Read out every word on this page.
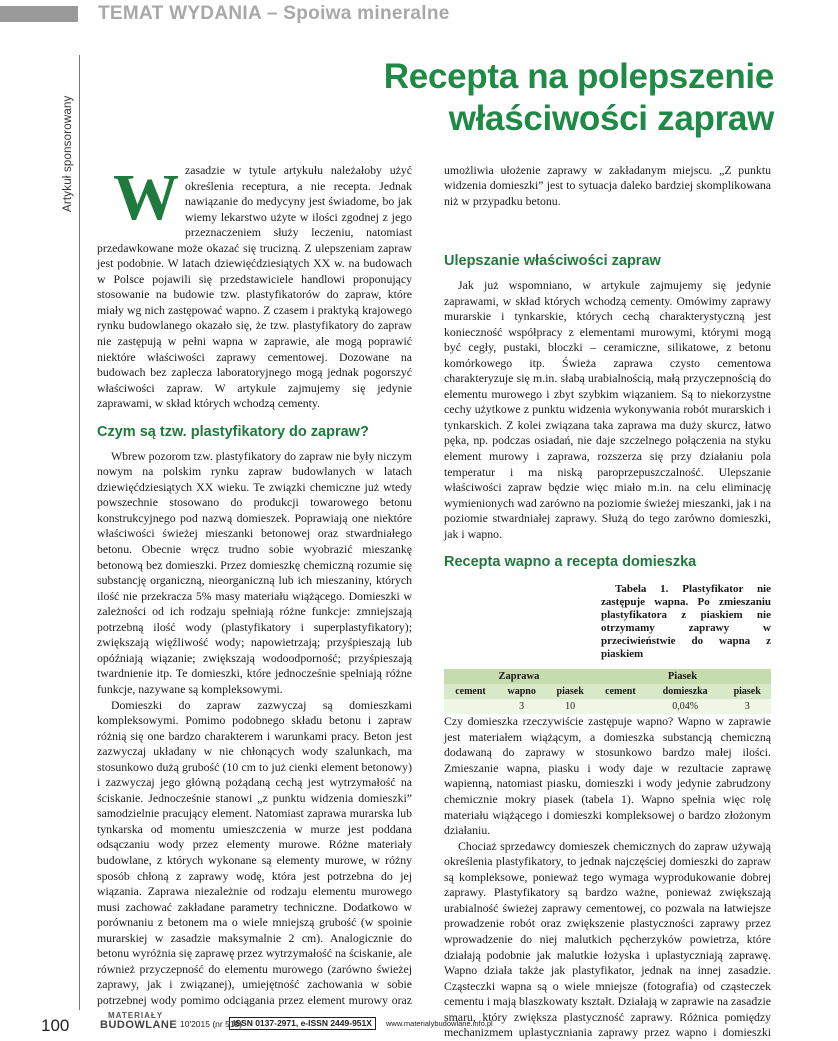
TEMAT WYDANIA – Spoiwa mineralne
Artykuł sponsorowany
Recepta na polepszenie
właściwości zapraw

Wzasadzie w tytule artykułu należałoby użyć określenia receptura, a nie recepta. Jednak nawiązanie do medycyny jest świadome, bo jak wiemy lekarstwo użyte w ilości zgodnej z jego przeznaczeniem służy leczeniu, natomiast przedawkowane może okazać się trucizną. Z ulepszeniam zapraw jest podobnie. W latach dziewięćdziesiątych XX w. na budowach w Polsce pojawili się przedstawiciele handlowi proponujący stosowanie na budowie tzw. plastyfikatorów do zapraw, które miały wg nich zastępować wapno. Z czasem i praktyką krajowego rynku budowlanego okazało się, że tzw. plastyfikatory do zapraw nie zastępują w pełni wapna w zaprawie, ale mogą poprawić niektóre właściwości zaprawy cementowej. Dozowane na budowach bez zaplecza laboratoryjnego mogą jednak pogorszyć właściwości zapraw. W artykule zajmujemy się jedynie zaprawami, w skład których wchodzą cementy.

Czym są tzw. plastyfikatory do zapraw?

Wbrew pozorom tzw. plastyfikatory do zapraw nie były niczym nowym na polskim rynku zapraw budowlanych w latach dziewięćdziesiątych XX wieku. Te związki chemiczne już wtedy powszechnie stosowano do produkcji towarowego betonu konstrukcyjnego pod nazwą domieszek. Poprawiają one niektóre właściwości świeżej mieszanki betonowej oraz stwardniałego betonu. Obecnie wręcz trudno sobie wyobrazić mieszankę betonową bez domieszki. Przez domieszkę chemiczną rozumie się substancję organiczną, nieorganiczną lub ich mieszaniny, których ilość nie przekracza 5% masy materiału wiążącego. Domieszki w zależności od ich rodzaju spełniają różne funkcje: zmniejszają potrzebną ilość wody (plastyfikatory i superplastyfikatory); zwiększają więźliwość wody; napowietrzają; przyśpieszają lub opóźniają wiązanie; zwiększają wodoodporność; przyśpieszają twardnienie itp. Te domieszki, które jednocześnie spełniają różne funkcje, nazywane są kompleksowymi.

Domieszki do zapraw zazwyczaj są domieszkami kompleksowymi. Pomimo podobnego składu betonu i zapraw różnią się one bardzo charakterem i warunkami pracy. Beton jest zazwyczaj układany w nie chłonących wody szalunkach, ma stosunkowo dużą grubość (10 cm to już cienki element betonowy) i zazwyczaj jego główną pożądaną cechą jest wytrzymałość na ściskanie. Jednocześnie stanowi „z punktu widzenia domieszki” samodzielnie pracujący element. Natomiast zaprawa murarska lub tynkarska od momentu umieszczenia w murze jest poddana odsączaniu wody przez elementy murowe. Różne materiały budowlane, z których wykonane są elementy murowe, w różny sposób chłoną z zaprawy wodę, która jest potrzebna do jej wiązania. Zaprawa niezależnie od rodzaju elementu murowego musi zachować zakładane parametry techniczne. Dodatkowo w porównaniu z betonem ma o wiele mniejszą grubość (w spoinie murarskiej w zasadzie maksymalnie 2 cm). Analogicznie do betonu wyróżnia się zaprawę przez wytrzymałość na ściskanie, ale również przyczepność do elementu murowego (zarówno świeżej zaprawy, jak i związanej), umiejętność zachowania w sobie potrzebnej wody pomimo odciągania przez element murowy oraz

umożliwia ułożenie zaprawy w zakładanym miejscu. „Z punktu widzenia domieszki” jest to sytuacja daleko bardziej skomplikowana niż w przypadku betonu.

Ulepszanie właściwości zapraw

Jak już wspomniano, w artykule zajmujemy się jedynie zaprawami, w skład których wchodzą cementy. Omówimy zaprawy murarskie i tynkarskie, których cechą charakterystyczną jest konieczność współpracy z elementami murowymi, którymi mogą być cegły, pustaki, bloczki – ceramiczne, silikatowe, z betonu komórkowego itp. Świeża zaprawa czysto cementowa charakteryzuje się m.in. słabą urabialnością, małą przyczepnością do elementu murowego i zbyt szybkim wiązaniem. Są to niekorzystne cechy użytkowe z punktu widzenia wykonywania robót murarskich i tynkarskich. Z kolei związana taka zaprawa ma duży skurcz, łatwo pęka, np. podczas osiadań, nie daje szczelnego połączenia na styku element murowy i zaprawa, rozszerza się przy działaniu pola temperatur i ma niską paroprzepuszczalność. Ulepszanie właściwości zapraw będzie więc miało m.in. na celu eliminację wymienionych wad zarówno na poziomie świeżej mieszanki, jak i na poziomie stwardniałej zaprawy. Służą do tego zarówno domieszki, jak i wapno.

Recepta wapno a recepta domieszka

Tabela 1. Plastyfikator nie zastępuje wapna. Po zmieszaniu plastyfikatora z piaskiem nie otrzymamy zaprawy w przeciwieństwie do wapna z piaskiem

Zaprawa			Piasek		
cement	wapno	piasek	cement	domieszka	piasek
	3	10		0,04%	3
Czy domieszka rzeczywiście zastępuje wapno? Wapno w zaprawie jest materiałem wiążącym, a domieszka substancją chemiczną dodawaną do zaprawy w stosunkowo bardzo małej ilości. Zmieszanie wapna, piasku i wody daje w rezultacie zaprawę wapienną, natomiast piasku, domieszki i wody jedynie zabrudzony chemicznie mokry piasek (tabela 1). Wapno spełnia więc rolę materiału wiążącego i domieszki kompleksowej o bardzo złożonym działaniu.

Chociaż sprzedawcy domieszek chemicznych do zapraw używają określenia plastyfikatory, to jednak najczęściej domieszki do zapraw są kompleksowe, ponieważ tego wymaga wyprodukowanie dobrej zaprawy. Plastyfikatory są bardzo ważne, ponieważ zwiększają urabialność świeżej zaprawy cementowej, co pozwala na łatwiejsze prowadzenie robót oraz zwiększenie plastyczności zaprawy przez wprowadzenie do niej malutkich pęcherzyków powietrza, które działają podobnie jak malutkie łożyska i uplastyczniają zaprawę. Wapno działa także jak plastyfikator, jednak na innej zasadzie. Cząsteczki wapna są o wiele mniejsze (fotografia) od cząsteczek cementu i mają blaszkowaty kształt. Działają w zaprawie na zasadzie smaru, który zwiększa plastyczność zaprawy. Różnica pomiędzy mechanizmem uplastyczniania zaprawy przez wapno i domieszki

100
MATERIAŁY
BUDOWLANE 10'2015 (nr 518)
ISSN 0137-2971, e-ISSN 2449-951X	www.materialybudowlane.info.pl
